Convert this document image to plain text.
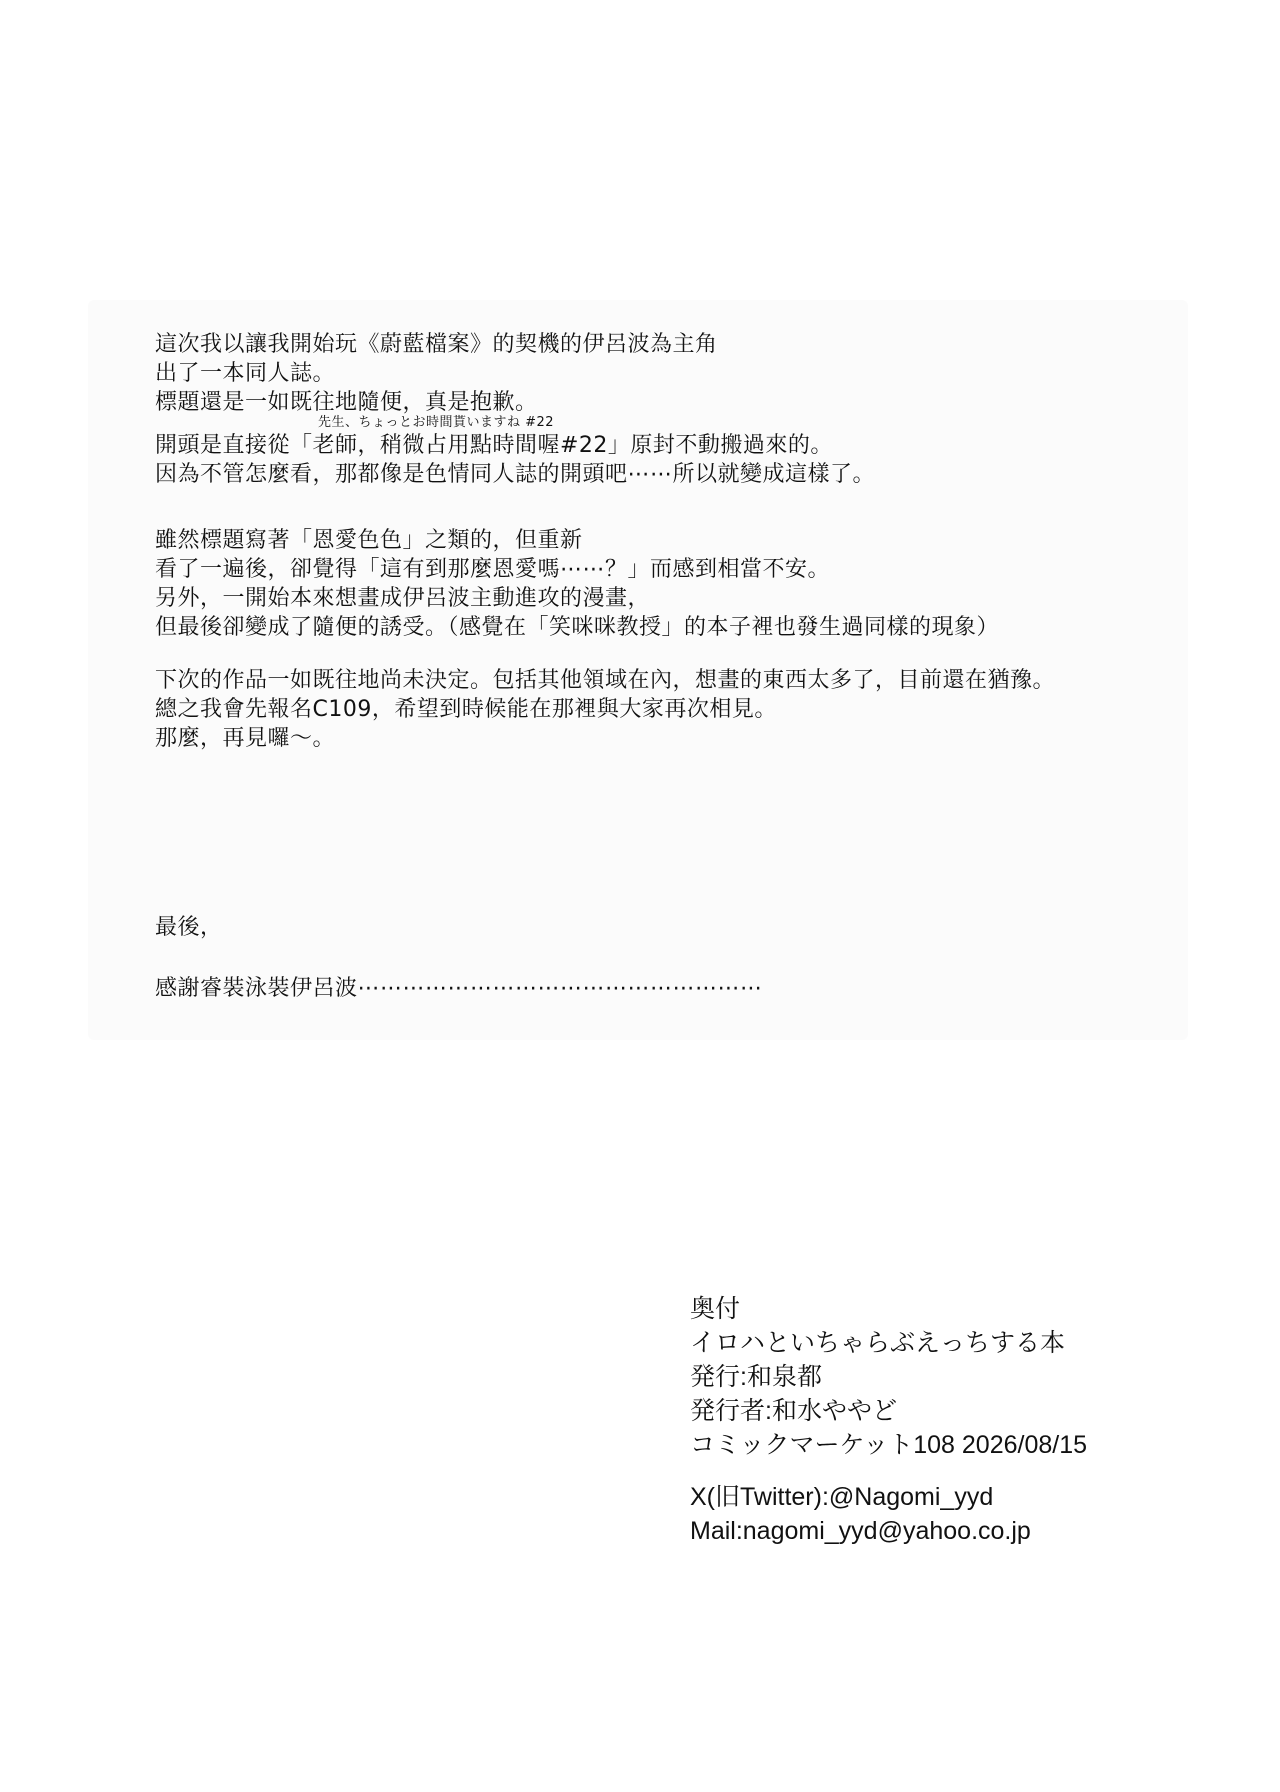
這次我以讓我開始玩《蔚藍檔案》的契機的伊呂波為主角
出了一本同人誌。
標題還是一如既往地隨便，真是抱歉。
開頭是直接從「老師，稍微占用點時間喔#22」原封不動搬過來的。
因為不管怎麼看，那都像是色情同人誌的開頭吧⋯⋯所以就變成這樣了。
先生、ちょっとお時間貰いますね #22
雖然標題寫著「恩愛色色」之類的，但重新
看了一遍後，卻覺得「這有到那麼恩愛嗎⋯⋯？」而感到相當不安。
另外，一開始本來想畫成伊呂波主動進攻的漫畫，
但最後卻變成了隨便的誘受。（感覺在「笑咪咪教授」的本子裡也發生過同樣的現象）
下次的作品一如既往地尚未決定。包括其他領域在內，想畫的東西太多了，目前還在猶豫。
總之我會先報名C109，希望到時候能在那裡與大家再次相見。
那麼，再見囉～。
最後，
感謝睿裝泳裝伊呂波⋯⋯⋯⋯⋯⋯⋯⋯⋯⋯⋯⋯⋯⋯⋯⋯⋯⋯
奥付
イロハといちゃらぶえっちする本
発行:和泉都
発行者:和水ややど
コミックマーケット108 2026/08/15
X(旧Twitter):@Nagomi_yyd
Mail:nagomi_yyd@yahoo.co.jp
